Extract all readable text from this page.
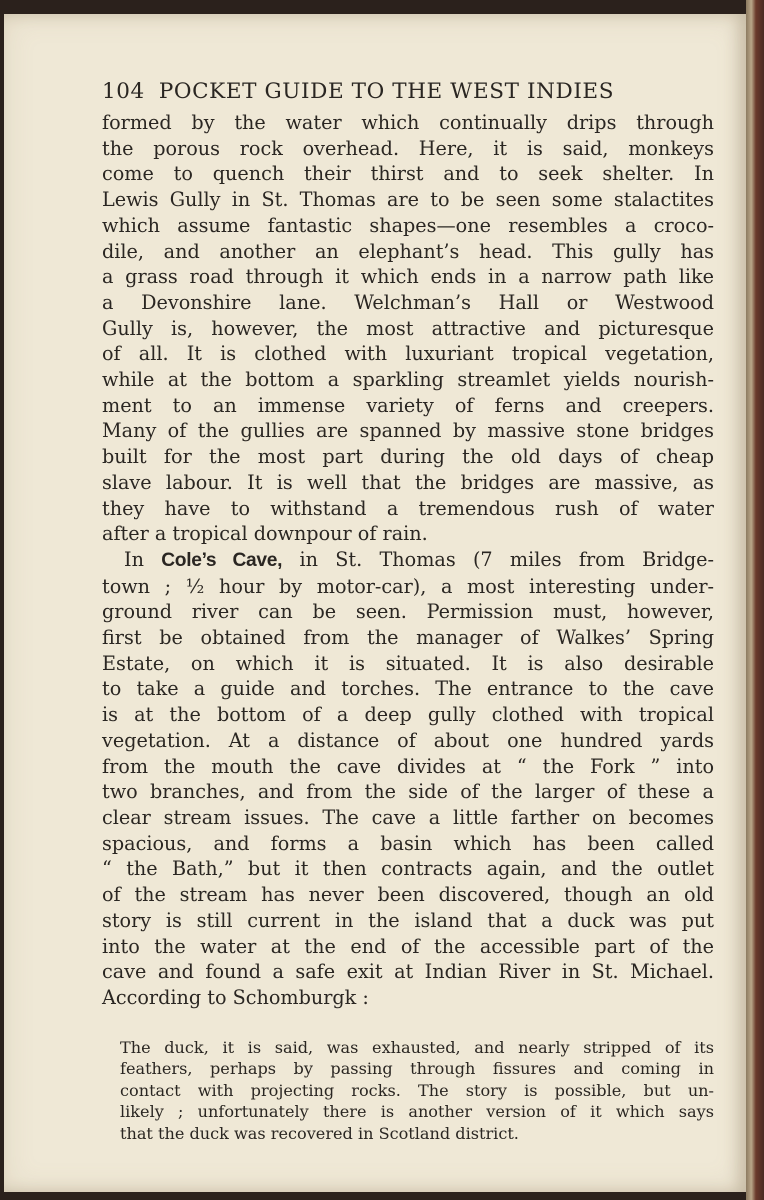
104 POCKET GUIDE TO THE WEST INDIES
formed by the water which continually drips through
the porous rock overhead. Here, it is said, monkeys
come to quench their thirst and to seek shelter. In
Lewis Gully in St. Thomas are to be seen some stalactites
which assume fantastic shapes—one resembles a croco-
dile, and another an elephant’s head. This gully has
a grass road through it which ends in a narrow path like
a Devonshire lane. Welchman’s Hall or Westwood
Gully is, however, the most attractive and picturesque
of all. It is clothed with luxuriant tropical vegetation,
while at the bottom a sparkling streamlet yields nourish-
ment to an immense variety of ferns and creepers.
Many of the gullies are spanned by massive stone bridges
built for the most part during the old days of cheap
slave labour. It is well that the bridges are massive, as
they have to withstand a tremendous rush of water
after a tropical downpour of rain.
In Cole’s Cave, in St. Thomas (7 miles from Bridge-
town ; ½ hour by motor-car), a most interesting under-
ground river can be seen. Permission must, however,
first be obtained from the manager of Walkes’ Spring
Estate, on which it is situated. It is also desirable
to take a guide and torches. The entrance to the cave
is at the bottom of a deep gully clothed with tropical
vegetation. At a distance of about one hundred yards
from the mouth the cave divides at “ the Fork ” into
two branches, and from the side of the larger of these a
clear stream issues. The cave a little farther on becomes
spacious, and forms a basin which has been called
“ the Bath,” but it then contracts again, and the outlet
of the stream has never been discovered, though an old
story is still current in the island that a duck was put
into the water at the end of the accessible part of the
cave and found a safe exit at Indian River in St. Michael.
According to Schomburgk :
The duck, it is said, was exhausted, and nearly stripped of its
feathers, perhaps by passing through fissures and coming in
contact with projecting rocks. The story is possible, but un-
likely ; unfortunately there is another version of it which says
that the duck was recovered in Scotland district.
